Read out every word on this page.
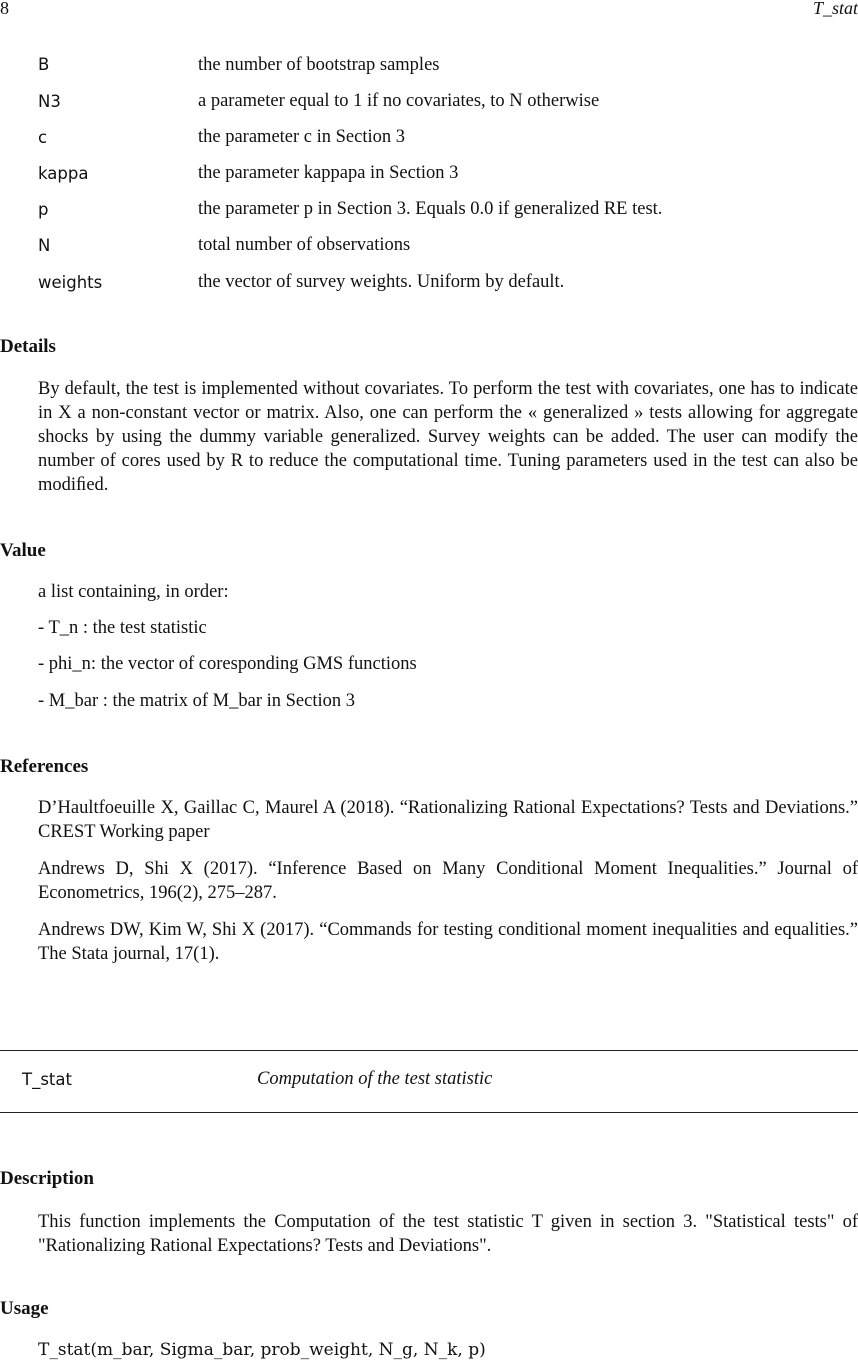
8	T_stat
B	the number of bootstrap samples
N3	a parameter equal to 1 if no covariates, to N otherwise
c	the parameter c in Section 3
kappa	the parameter kappapa in Section 3
p	the parameter p in Section 3. Equals 0.0 if generalized RE test.
N	total number of observations
weights	the vector of survey weights. Uniform by default.
Details
By default, the test is implemented without covariates. To perform the test with covariates, one has to indicate in X a non-constant vector or matrix. Also, one can perform the « generalized » tests allowing for aggregate shocks by using the dummy variable generalized. Survey weights can be added. The user can modify the number of cores used by R to reduce the computational time. Tuning parameters used in the test can also be modiﬁed.
Value
a list containing, in order:
- T_n : the test statistic
- phi_n: the vector of coresponding GMS functions
- M_bar : the matrix of M_bar in Section 3
References
D’Haultfoeuille X, Gaillac C, Maurel A (2018). “Rationalizing Rational Expectations? Tests and Deviations.” CREST Working paper
Andrews D, Shi X (2017). “Inference Based on Many Conditional Moment Inequalities.” Journal of Econometrics, 196(2), 275–287.
Andrews DW, Kim W, Shi X (2017). “Commands for testing conditional moment inequalities and equalities.” The Stata journal, 17(1).
T_stat	Computation of the test statistic
Description
This function implements the Computation of the test statistic T given in section 3. "Statistical tests" of "Rationalizing Rational Expectations? Tests and Deviations".
Usage
T_stat(m_bar, Sigma_bar, prob_weight, N_g, N_k, p)
